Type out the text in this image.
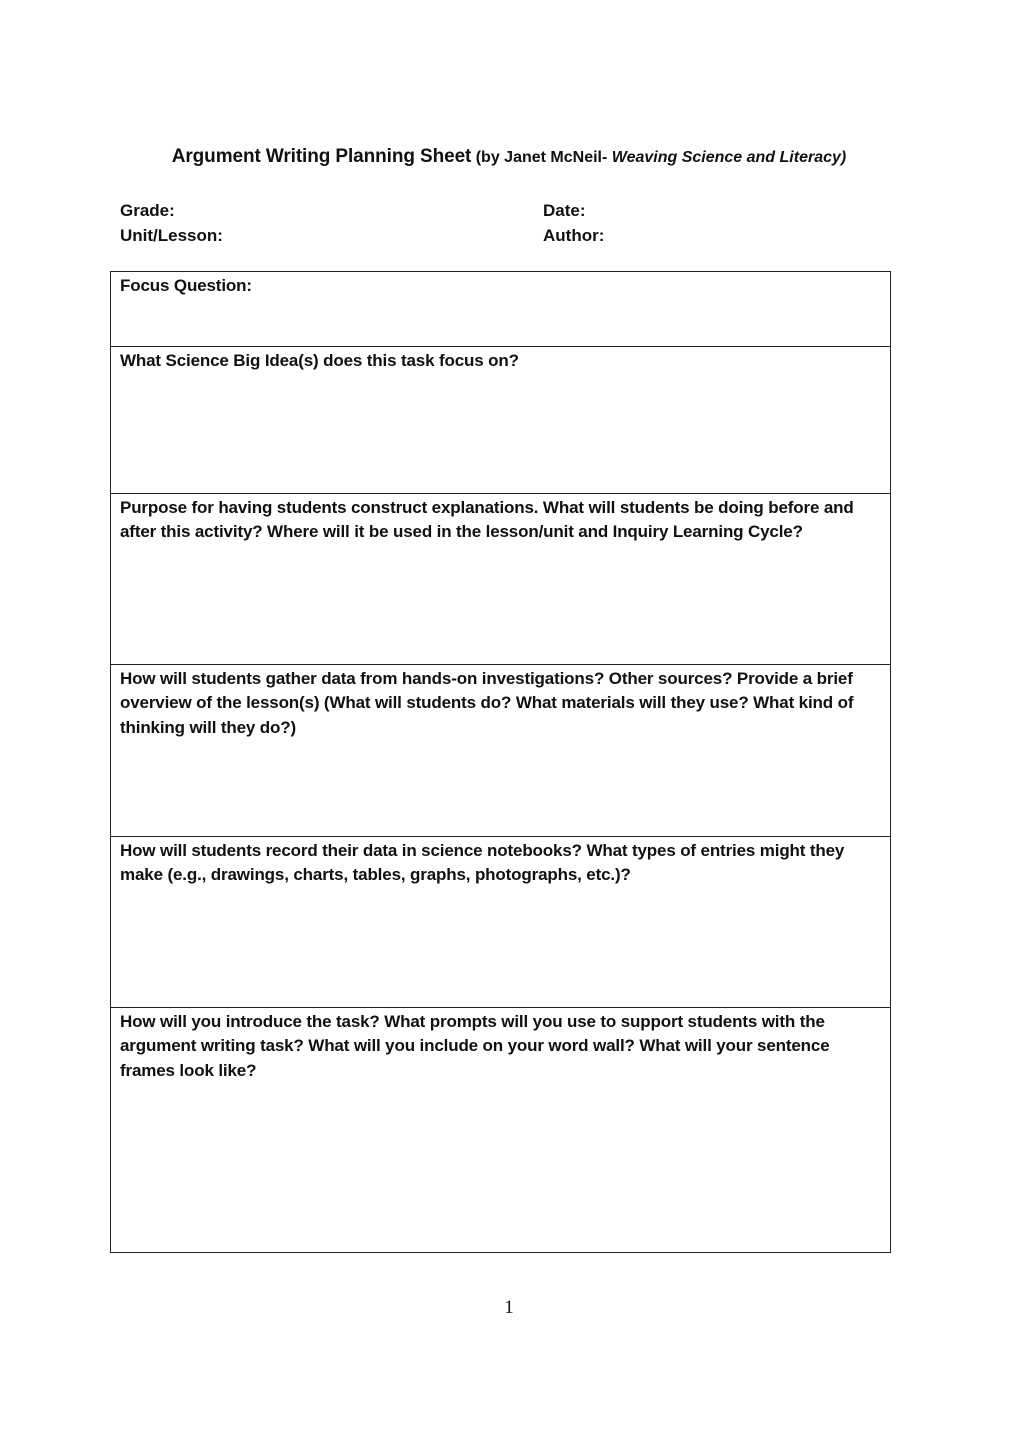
Argument Writing Planning Sheet (by Janet McNeil- Weaving Science and Literacy)
Grade:
Unit/Lesson:
Date:
Author:
Focus Question:
What Science Big Idea(s) does this task focus on?
Purpose for having students construct explanations. What will students be doing before and after this activity? Where will it be used in the lesson/unit and Inquiry Learning Cycle?
How will students gather data from hands-on investigations? Other sources? Provide a brief overview of the lesson(s) (What will students do? What materials will they use? What kind of thinking will they do?)
How will students record their data in science notebooks? What types of entries might they make (e.g., drawings, charts, tables, graphs, photographs, etc.)?
How will you introduce the task? What prompts will you use to support students with the argument writing task? What will you include on your word wall? What will your sentence frames look like?
1
